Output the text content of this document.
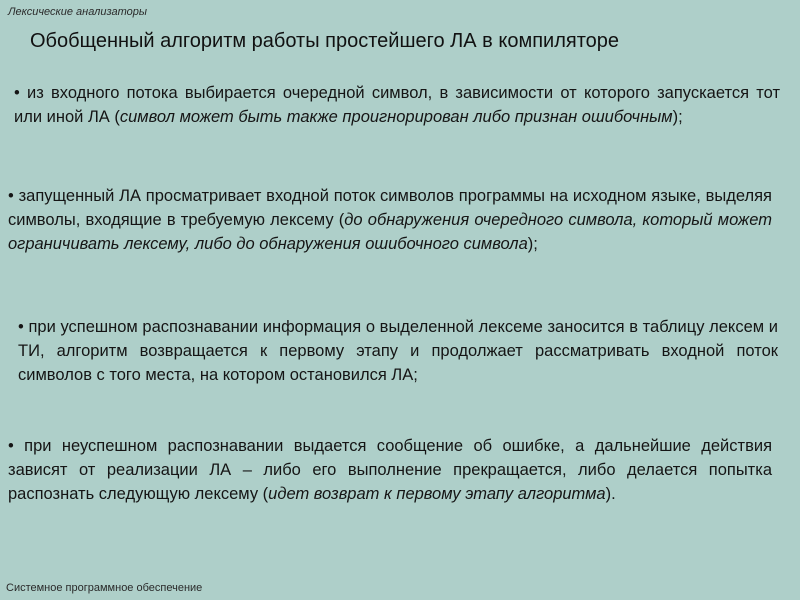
Лексические анализаторы
Обобщенный алгоритм работы простейшего ЛА в компиляторе
• из входного потока выбирается очередной символ, в зависимости от которого запускается тот или иной ЛА (символ может быть также проигнорирован либо признан ошибочным);
• запущенный ЛА просматривает входной поток символов программы на исходном языке, выделяя символы, входящие в требуемую лексему (до обнаружения очередного символа, который может ограничивать лексему, либо до обнаружения ошибочного символа);
• при успешном распознавании информация о выделенной лексеме заносится в таблицу лексем и ТИ, алгоритм возвращается к первому этапу и продолжает рассматривать входной поток символов с того места, на котором остановился ЛА;
• при неуспешном распознавании выдается сообщение об ошибке, а дальнейшие действия зависят от реализации ЛА – либо его выполнение прекращается, либо делается попытка распознать следующую лексему (идет возврат к первому этапу алгоритма).
Системное программное обеспечение
